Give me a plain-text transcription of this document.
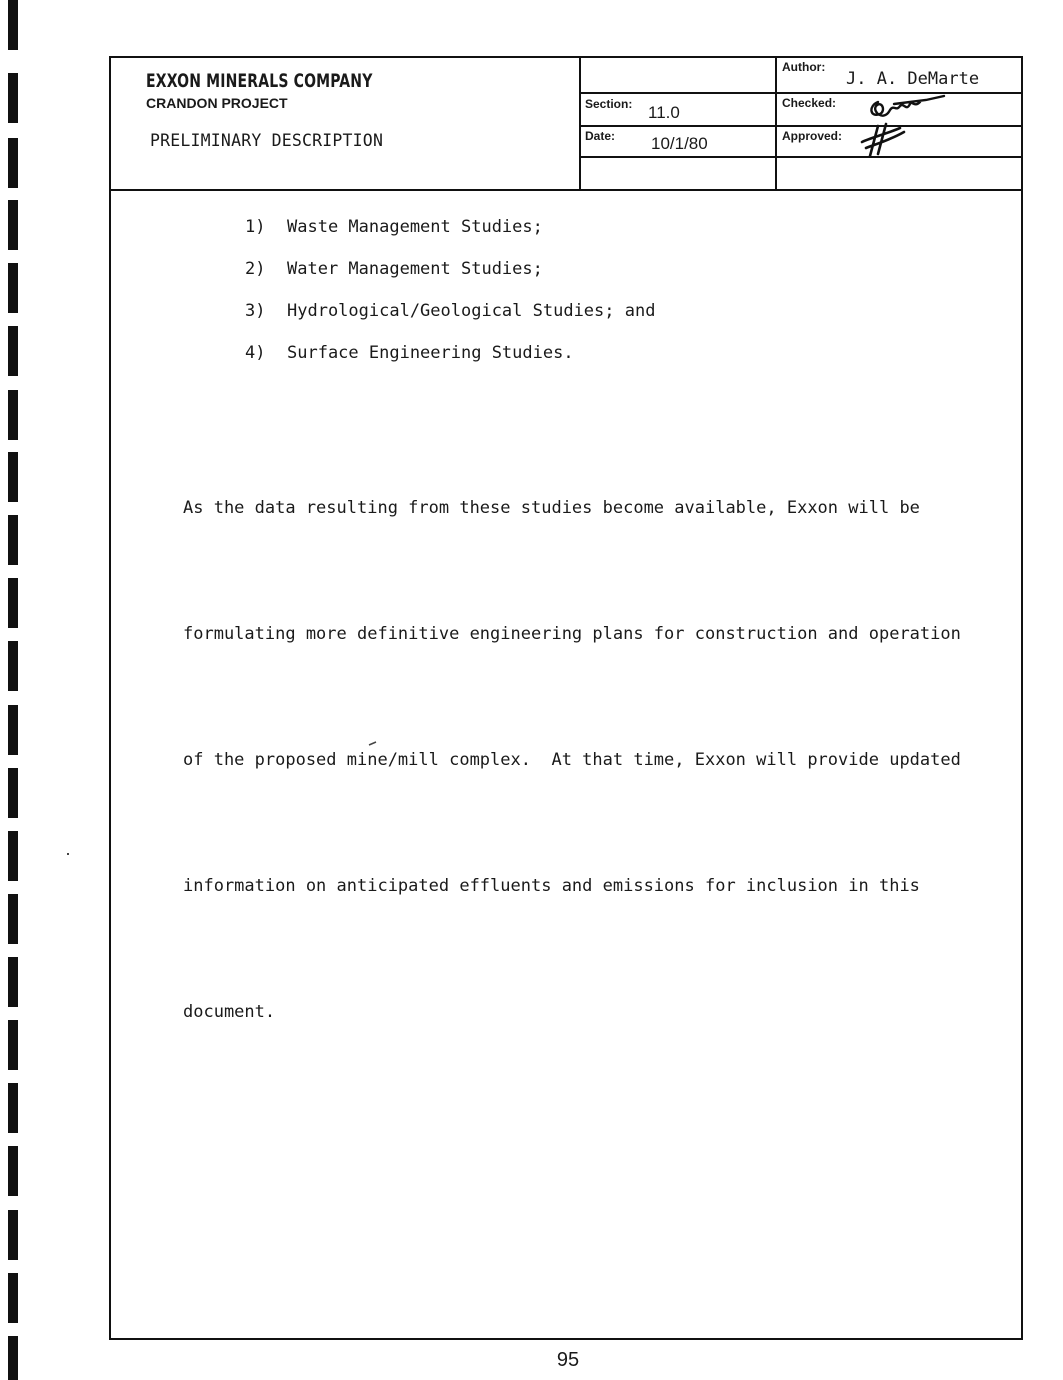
EXXON MINERALS COMPANY
CRANDON PROJECT
PRELIMINARY DESCRIPTION
Section: 11.0
Date: 10/1/80
Author:
J. A. DeMarte
Checked:
Approved:
1) Waste Management Studies;
2) Water Management Studies;
3) Hydrological/Geological Studies; and
4) Surface Engineering Studies.

As the data resulting from these studies become available, Exxon will be

formulating more definitive engineering plans for construction and operation

of the proposed mine/mill complex.  At that time, Exxon will provide updated

information on anticipated effluents and emissions for inclusion in this

document.

95
